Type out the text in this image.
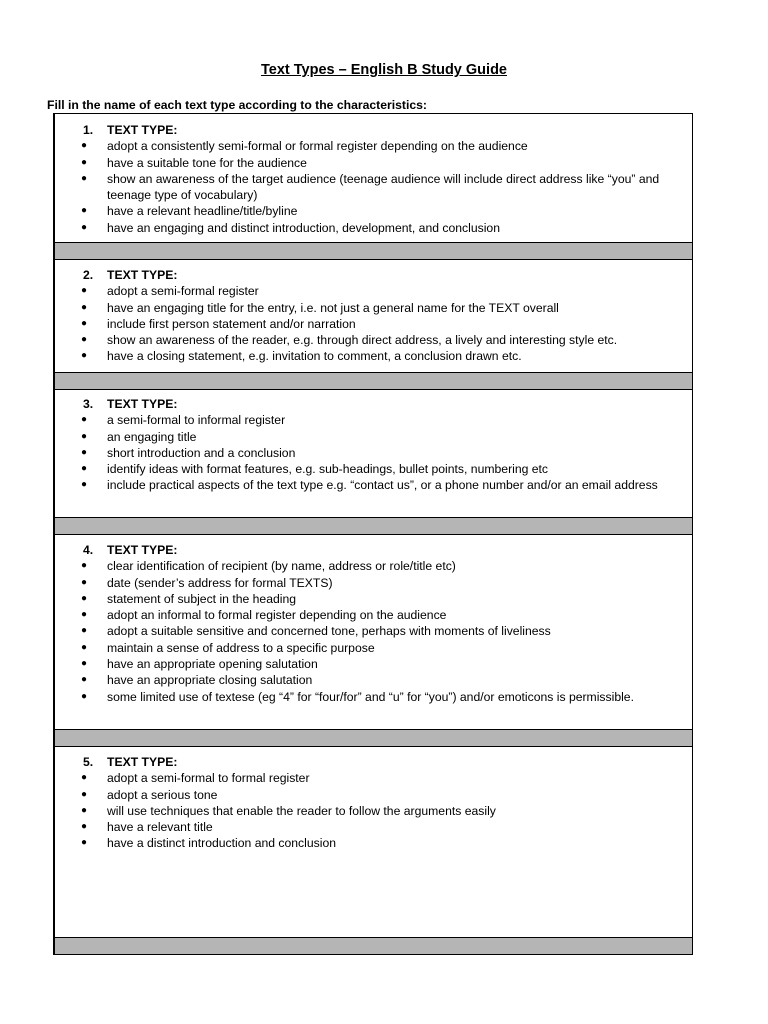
Text Types – English B Study Guide
Fill in the name of each text type according to the characteristics:
1. TEXT TYPE:
● adopt a consistently semi-formal or formal register depending on the audience
● have a suitable tone for the audience
● show an awareness of the target audience (teenage audience will include direct address like “you” and teenage type of vocabulary)
● have a relevant headline/title/byline
● have an engaging and distinct introduction, development, and conclusion
2. TEXT TYPE:
● adopt a semi-formal register
● have an engaging title for the entry, i.e. not just a general name for the TEXT overall
● include first person statement and/or narration
● show an awareness of the reader, e.g. through direct address, a lively and interesting style etc.
● have a closing statement, e.g. invitation to comment, a conclusion drawn etc.
3. TEXT TYPE:
● a semi-formal to informal register
● an engaging title
● short introduction and a conclusion
● identify ideas with format features, e.g. sub-headings, bullet points, numbering etc
● include practical aspects of the text type e.g. “contact us”, or a phone number and/or an email address
4. TEXT TYPE:
● clear identification of recipient (by name, address or role/title etc)
● date (sender’s address for formal TEXTS)
● statement of subject in the heading
● adopt an informal to formal register depending on the audience
● adopt a suitable sensitive and concerned tone, perhaps with moments of liveliness
● maintain a sense of address to a specific purpose
● have an appropriate opening salutation
● have an appropriate closing salutation
● some limited use of textese (eg “4” for “four/for” and “u” for “you”) and/or emoticons is permissible.
5. TEXT TYPE:
● adopt a semi-formal to formal register
● adopt a serious tone
● will use techniques that enable the reader to follow the arguments easily
● have a relevant title
● have a distinct introduction and conclusion
